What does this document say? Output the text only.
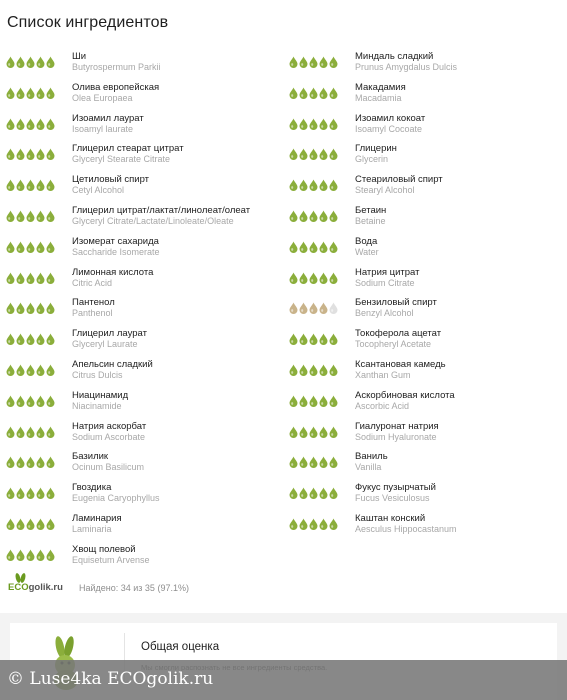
Список ингредиентов
Ши
Butyrospermum Parkii
Олива европейская
Olea Europaea
Изоамил лаурат
Isoamyl laurate
Глицерил стеарат цитрат
Glyceryl Stearate Citrate
Цетиловый спирт
Cetyl Alcohol
Глицерил цитрат/лактат/линолеат/олеат
Glyceryl Citrate/Lactate/Linoleate/Oleate
Изомерат сахарида
Saccharide Isomerate
Лимонная кислота
Citric Acid
Пантенол
Panthenol
Глицерил лаурат
Glyceryl Laurate
Апельсин сладкий
Citrus Dulcis
Ниацинамид
Niacinamide
Натрия аскорбат
Sodium Ascorbate
Базилик
Ocinum Basilicum
Гвоздика
Eugenia Caryophyllus
Ламинария
Laminaria
Хвощ полевой
Equisetum Arvense
Миндаль сладкий
Prunus Amygdalus Dulcis
Макадамия
Macadamia
Изоамил кокоат
Isoamyl Cocoate
Глицерин
Glycerin
Стеариловый спирт
Stearyl Alcohol
Бетаин
Betaine
Вода
Water
Натрия цитрат
Sodium Citrate
Бензиловый спирт
Benzyl Alcohol
Токоферола ацетат
Tocopheryl Acetate
Ксантановая камедь
Xanthan Gum
Аскорбиновая кислота
Ascorbic Acid
Гиалуронат натрия
Sodium Hyaluronate
Ваниль
Vanilla
Фукус пузырчатый
Fucus Vesiculosus
Каштан конский
Aesculus Hippocastanum
ECOgolik.ru Найдено: 34 из 35 (97.1%)
Общая оценка
© Luse4ka ECOgolik.ru
